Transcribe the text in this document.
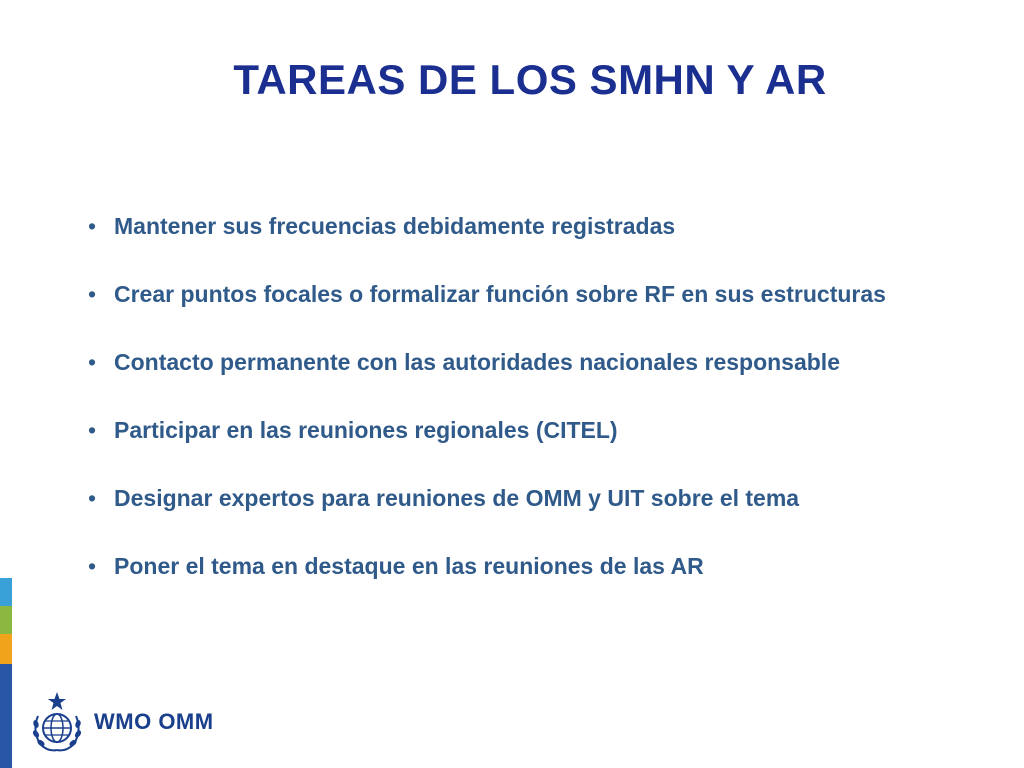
TAREAS DE LOS SMHN Y AR
• Mantener sus frecuencias debidamente registradas
• Crear puntos focales o formalizar función sobre RF en sus estructuras
• Contacto permanente con las autoridades nacionales responsable
• Participar en las reuniones regionales (CITEL)
• Designar expertos para reuniones de OMM y UIT sobre el tema
• Poner el tema en destaque en las reuniones de las AR
WMO OMM
